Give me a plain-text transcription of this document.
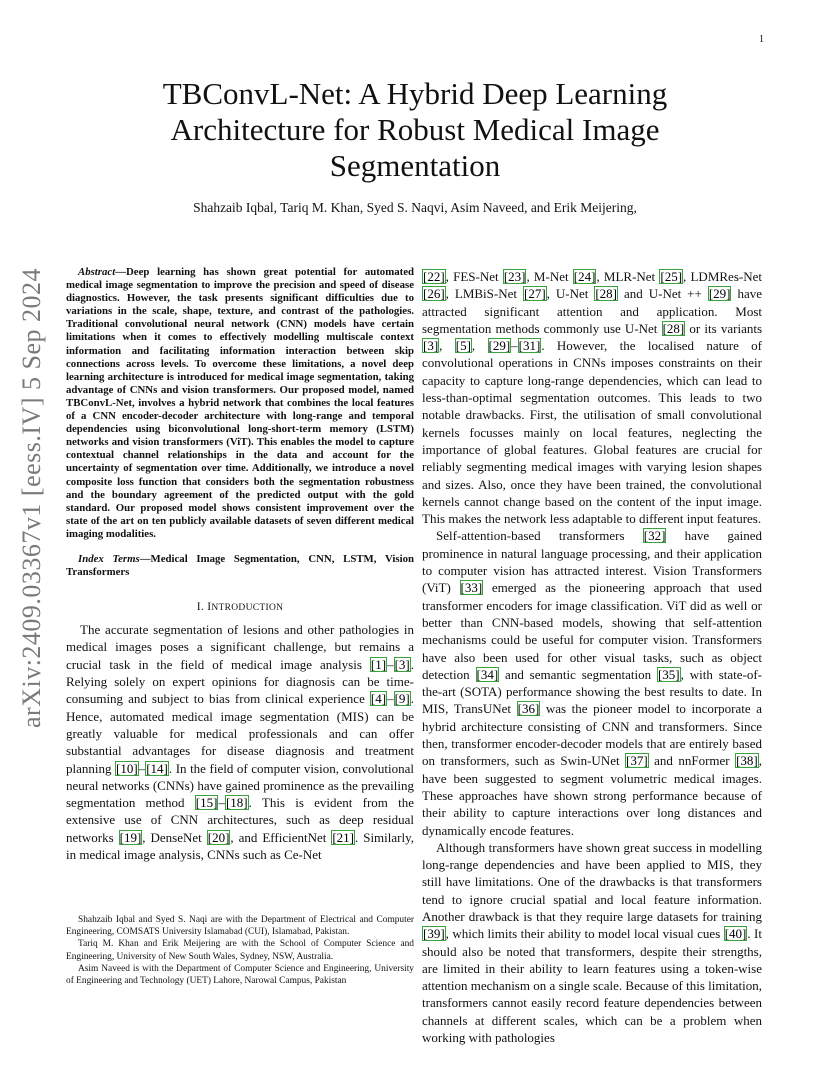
1
arXiv:2409.03367v1 [eess.IV] 5 Sep 2024
TBConvL-Net: A Hybrid Deep Learning Architecture for Robust Medical Image Segmentation
Shahzaib Iqbal, Tariq M. Khan, Syed S. Naqvi, Asim Naveed, and Erik Meijering,

Abstract—Deep learning has shown great potential for automated medical image segmentation to improve the precision and speed of disease diagnostics. However, the task presents significant difficulties due to variations in the scale, shape, texture, and contrast of the pathologies. Traditional convolutional neural network (CNN) models have certain limitations when it comes to effectively modelling multiscale context information and facilitating information interaction between skip connections across levels. To overcome these limitations, a novel deep learning architecture is introduced for medical image segmentation, taking advantage of CNNs and vision transformers. Our proposed model, named TBConvL-Net, involves a hybrid network that combines the local features of a CNN encoder-decoder architecture with long-range and temporal dependencies using biconvolutional long-short-term memory (LSTM) networks and vision transformers (ViT). This enables the model to capture contextual channel relationships in the data and account for the uncertainty of segmentation over time. Additionally, we introduce a novel composite loss function that considers both the segmentation robustness and the boundary agreement of the predicted output with the gold standard. Our proposed model shows consistent improvement over the state of the art on ten publicly available datasets of seven different medical imaging modalities.

Index Terms—Medical Image Segmentation, CNN, LSTM, Vision Transformers

I. INTRODUCTION

The accurate segmentation of lesions and other pathologies in medical images poses a significant challenge, but remains a crucial task in the field of medical image analysis [1]–[3]. Relying solely on expert opinions for diagnosis can be time-consuming and subject to bias from clinical experience [4]–[9]. Hence, automated medical image segmentation (MIS) can be greatly valuable for medical professionals and can offer substantial advantages for disease diagnosis and treatment planning [10]–[14]. In the field of computer vision, convolutional neural networks (CNNs) have gained prominence as the prevailing segmentation method [15]–[18]. This is evident from the extensive use of CNN architectures, such as deep residual networks [19], DenseNet [20], and EfficientNet [21]. Similarly, in medical image analysis, CNNs such as Ce-Net

Shahzaib Iqbal and Syed S. Naqi are with the Department of Electrical and Computer Engineering, COMSATS University Islamabad (CUI), Islamabad, Pakistan.

Tariq M. Khan and Erik Meijering are with the School of Computer Science and Engineering, University of New South Wales, Sydney, NSW, Australia.

Asim Naveed is with the Department of Computer Science and Engineering, University of Engineering and Technology (UET) Lahore, Narowal Campus, Pakistan

[22], FES-Net [23], M-Net [24], MLR-Net [25], LDMRes-Net [26], LMBiS-Net [27], U-Net [28] and U-Net ++ [29] have attracted significant attention and application. Most segmentation methods commonly use U-Net [28] or its variants [3], [5], [29]–[31]. However, the localised nature of convolutional operations in CNNs imposes constraints on their capacity to capture long-range dependencies, which can lead to less-than-optimal segmentation outcomes. This leads to two notable drawbacks. First, the utilisation of small convolutional kernels focusses mainly on local features, neglecting the importance of global features. Global features are crucial for reliably segmenting medical images with varying lesion shapes and sizes. Also, once they have been trained, the convolutional kernels cannot change based on the content of the input image. This makes the network less adaptable to different input features.

Self-attention-based transformers [32] have gained prominence in natural language processing, and their application to computer vision has attracted interest. Vision Transformers (ViT) [33] emerged as the pioneering approach that used transformer encoders for image classification. ViT did as well or better than CNN-based models, showing that self-attention mechanisms could be useful for computer vision. Transformers have also been used for other visual tasks, such as object detection [34] and semantic segmentation [35], with state-of-the-art (SOTA) performance showing the best results to date. In MIS, TransUNet [36] was the pioneer model to incorporate a hybrid architecture consisting of CNN and transformers. Since then, transformer encoder-decoder models that are entirely based on transformers, such as Swin-UNet [37] and nnFormer [38], have been suggested to segment volumetric medical images. These approaches have shown strong performance because of their ability to capture interactions over long distances and dynamically encode features.

Although transformers have shown great success in modelling long-range dependencies and have been applied to MIS, they still have limitations. One of the drawbacks is that transformers tend to ignore crucial spatial and local feature information. Another drawback is that they require large datasets for training [39], which limits their ability to model local visual cues [40]. It should also be noted that transformers, despite their strengths, are limited in their ability to learn features using a token-wise attention mechanism on a single scale. Because of this limitation, transformers cannot easily record feature dependencies between channels at different scales, which can be a problem when working with pathologies
